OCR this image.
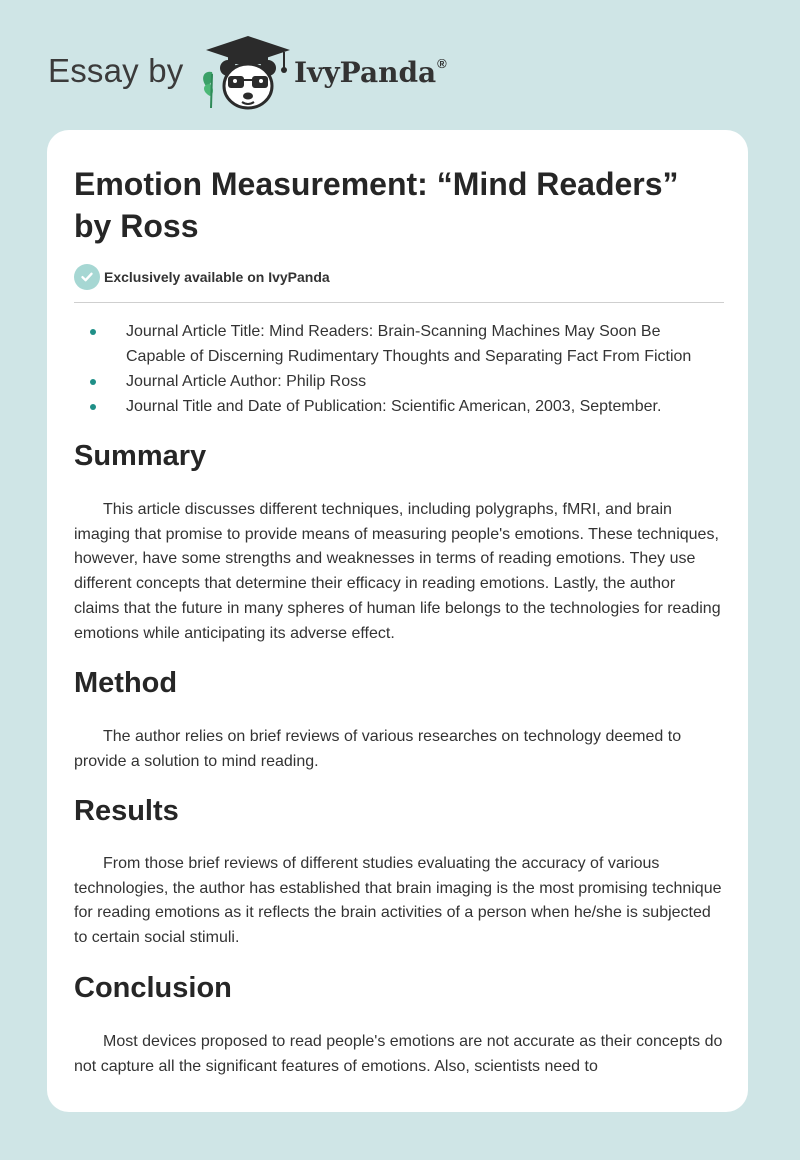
Essay by	IvyPanda®
Emotion Measurement: “Mind Readers” by Ross
Exclusively available on IvyPanda
Journal Article Title: Mind Readers: Brain-Scanning Machines May Soon Be Capable of Discerning Rudimentary Thoughts and Separating Fact From Fiction
Journal Article Author: Philip Ross
Journal Title and Date of Publication: Scientific American, 2003, September.
Summary

This article discusses different techniques, including polygraphs, fMRI, and brain imaging that promise to provide means of measuring people's emotions. These techniques, however, have some strengths and weaknesses in terms of reading emotions. They use different concepts that determine their efficacy in reading emotions. Lastly, the author claims that the future in many spheres of human life belongs to the technologies for reading emotions while anticipating its adverse effect.

Method

The author relies on brief reviews of various researches on technology deemed to provide a solution to mind reading.

Results

From those brief reviews of different studies evaluating the accuracy of various technologies, the author has established that brain imaging is the most promising technique for reading emotions as it reflects the brain activities of a person when he/she is subjected to certain social stimuli.

Conclusion

Most devices proposed to read people's emotions are not accurate as their concepts do not capture all the significant features of emotions. Also, scientists need to
